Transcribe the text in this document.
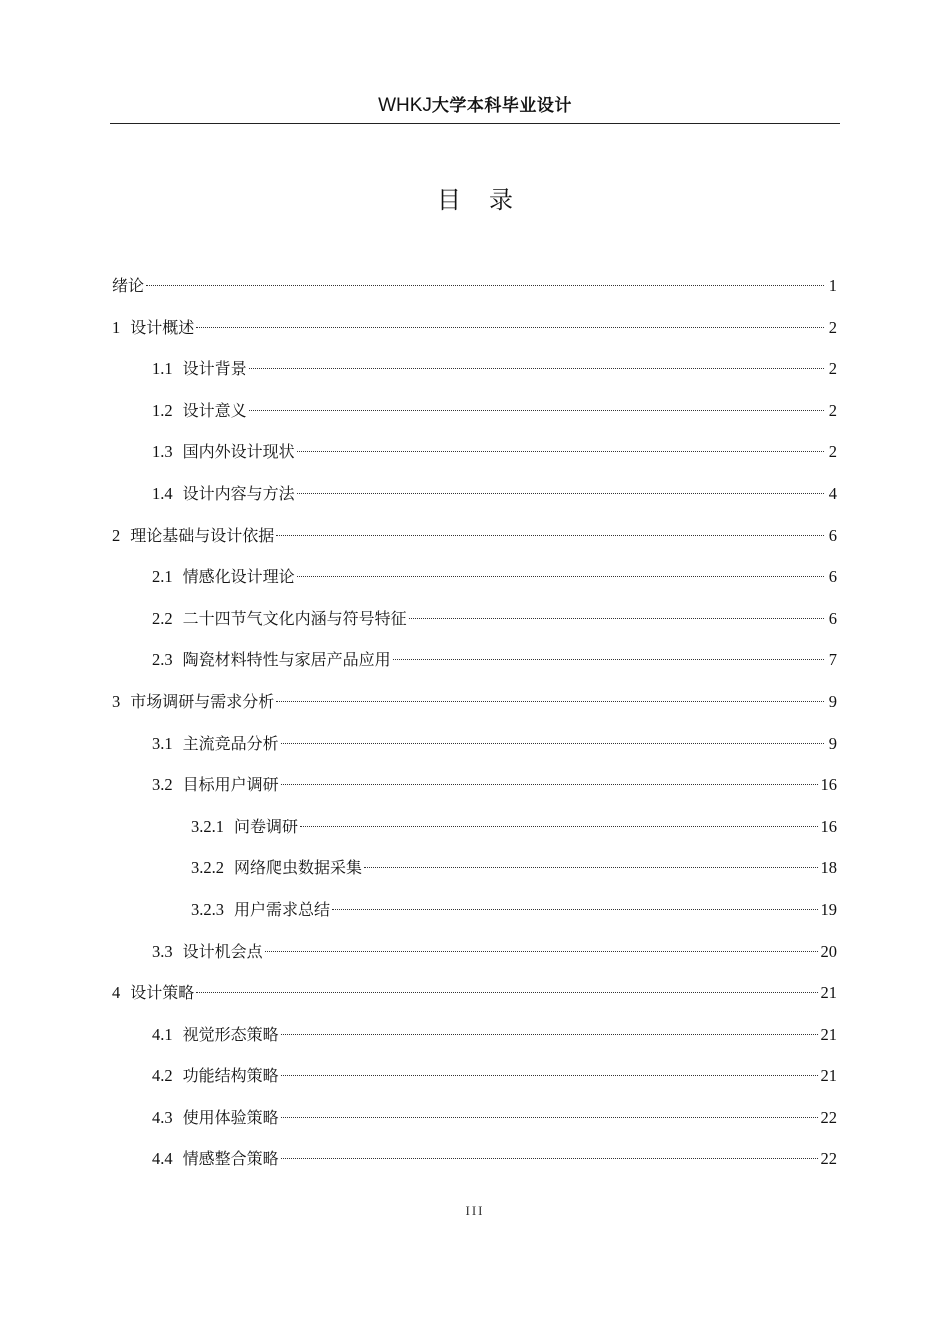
WHKJ大学本科毕业设计
目录
绪论	1
1 设计概述	2
1.1 设计背景	2
1.2 设计意义	2
1.3 国内外设计现状	2
1.4 设计内容与方法	4
2 理论基础与设计依据	6
2.1 情感化设计理论	6
2.2 二十四节气文化内涵与符号特征	6
2.3 陶瓷材料特性与家居产品应用	7
3 市场调研与需求分析	9
3.1 主流竞品分析	9
3.2 目标用户调研	16
3.2.1 问卷调研	16
3.2.2 网络爬虫数据采集	18
3.2.3 用户需求总结	19
3.3 设计机会点	20
4 设计策略	21
4.1 视觉形态策略	21
4.2 功能结构策略	21
4.3 使用体验策略	22
4.4 情感整合策略	22
III
